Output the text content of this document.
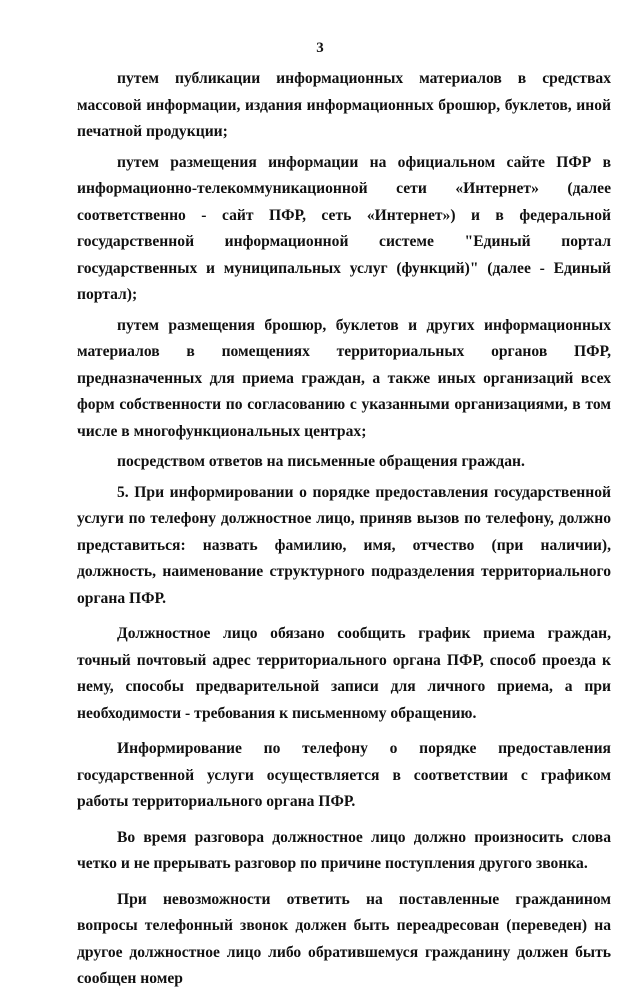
3

путем публикации информационных материалов в средствах массовой информации, издания информационных брошюр, буклетов, иной печатной продукции;

путем размещения информации на официальном сайте ПФР в информационно-телекоммуникационной сети «Интернет» (далее соответственно - сайт ПФР, сеть «Интернет») и в федеральной государственной информационной системе "Единый портал государственных и муниципальных услуг (функций)" (далее - Единый портал);

путем размещения брошюр, буклетов и других информационных материалов в помещениях территориальных органов ПФР, предназначенных для приема граждан, а также иных организаций всех форм собственности по согласованию с указанными организациями, в том числе в многофункциональных центрах;

посредством ответов на письменные обращения граждан.

5. При информировании о порядке предоставления государственной услуги по телефону должностное лицо, приняв вызов по телефону, должно представиться: назвать фамилию, имя, отчество (при наличии), должность, наименование структурного подразделения территориального органа ПФР.

Должностное лицо обязано сообщить график приема граждан, точный почтовый адрес территориального органа ПФР, способ проезда к нему, способы предварительной записи для личного приема, а при необходимости - требования к письменному обращению.

Информирование по телефону о порядке предоставления государственной услуги осуществляется в соответствии с графиком работы территориального органа ПФР.

Во время разговора должностное лицо должно произносить слова четко и не прерывать разговор по причине поступления другого звонка.

При невозможности ответить на поставленные гражданином вопросы телефонный звонок должен быть переадресован (переведен) на другое должностное лицо либо обратившемуся гражданину должен быть сообщен номер
